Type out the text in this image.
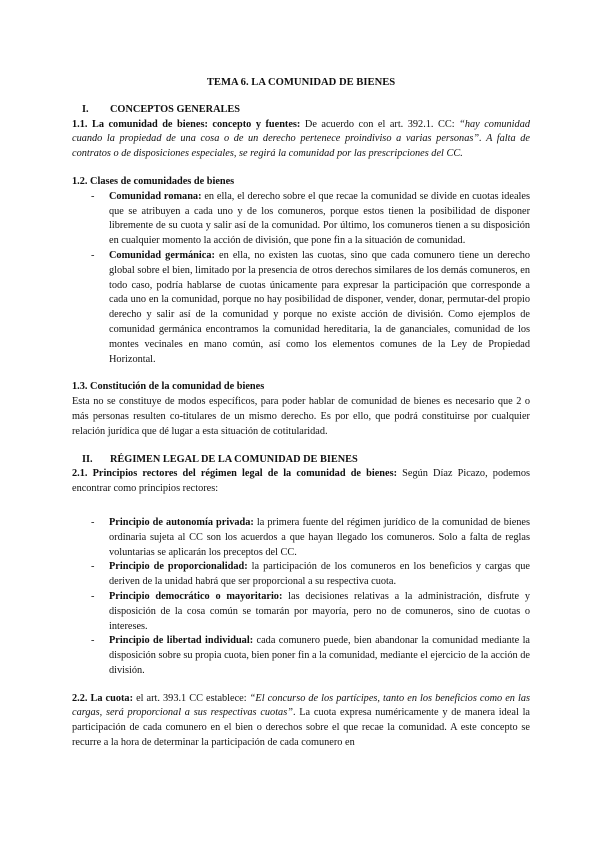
TEMA 6. LA COMUNIDAD DE BIENES

I.	CONCEPTOS GENERALES

1.1. La comunidad de bienes: concepto y fuentes: De acuerdo con el art. 392.1. CC: “hay comunidad cuando la propiedad de una cosa o de un derecho pertenece proindiviso a varias personas”. A falta de contratos o de disposiciones especiales, se regirá la comunidad por las prescripciones del CC.

1.2. Clases de comunidades de bienes

- Comunidad romana: en ella, el derecho sobre el que recae la comunidad se divide en cuotas ideales que se atribuyen a cada uno y de los comuneros, porque estos tienen la posibilidad de disponer libremente de su cuota y salir así de la comunidad. Por último, los comuneros tienen a su disposición en cualquier momento la acción de división, que pone fin a la situación de comunidad.
- Comunidad germánica: en ella, no existen las cuotas, sino que cada comunero tiene un derecho global sobre el bien, limitado por la presencia de otros derechos similares de los demás comuneros, en todo caso, podría hablarse de cuotas únicamente para expresar la participación que corresponde a cada uno en la comunidad, porque no hay posibilidad de disponer, vender, donar, permutar-del propio derecho y salir así de la comunidad y porque no existe acción de división. Como ejemplos de comunidad germánica encontramos la comunidad hereditaria, la de gananciales, comunidad de los montes vecinales en mano común, así como los elementos comunes de la Ley de Propiedad Horizontal.

1.3. Constitución de la comunidad de bienes

Esta no se constituye de modos específicos, para poder hablar de comunidad de bienes es necesario que 2 o más personas resulten co-titulares de un mismo derecho. Es por ello, que podrá constituirse por cualquier relación jurídica que dé lugar a esta situación de cotitularidad.

II.	RÉGIMEN LEGAL DE LA COMUNIDAD DE BIENES

2.1. Principios rectores del régimen legal de la comunidad de bienes: Según Díaz Picazo, podemos encontrar como principios rectores:

- Principio de autonomía privada: la primera fuente del régimen jurídico de la comunidad de bienes ordinaria sujeta al CC son los acuerdos a que hayan llegado los comuneros. Solo a falta de reglas voluntarias se aplicarán los preceptos del CC.
- Principio de proporcionalidad: la participación de los comuneros en los beneficios y cargas que deriven de la unidad habrá que ser proporcional a su respectiva cuota.
- Principio democrático o mayoritario: las decisiones relativas a la administración, disfrute y disposición de la cosa común se tomarán por mayoría, pero no de comuneros, sino de cuotas o intereses.
- Principio de libertad individual: cada comunero puede, bien abandonar la comunidad mediante la disposición sobre su propia cuota, bien poner fin a la comunidad, mediante el ejercicio de la acción de división.

2.2. La cuota: el art. 393.1 CC establece: “El concurso de los partícipes, tanto en los beneficios como en las cargas, será proporcional a sus respectivas cuotas”. La cuota expresa numéricamente y de manera ideal la participación de cada comunero en el bien o derechos sobre el que recae la comunidad. A este concepto se recurre a la hora de determinar la participación de cada comunero en
